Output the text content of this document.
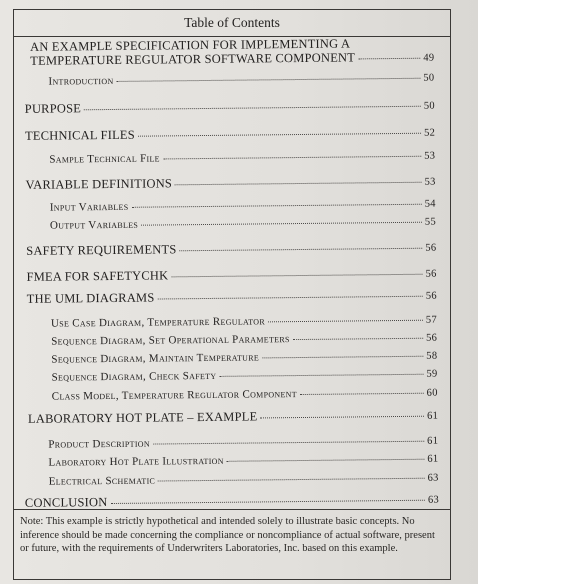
Table of Contents
AN EXAMPLE SPECIFICATION FOR IMPLEMENTING A
TEMPERATURE REGULATOR SOFTWARE COMPONENT	49
Introduction	50
PURPOSE	50
TECHNICAL FILES	52
Sample Technical File	53
VARIABLE DEFINITIONS	53
Input Variables	54
Output Variables	55
SAFETY REQUIREMENTS	56
FMEA FOR SAFETYCHK	56
THE UML DIAGRAMS	56
Use Case Diagram, Temperature Regulator	57
Sequence Diagram, Set Operational Parameters	56
Sequence Diagram, Maintain Temperature	58
Sequence Diagram, Check Safety	59
Class Model, Temperature Regulator Component	60
LABORATORY HOT PLATE – EXAMPLE	61
Product Description	61
Laboratory Hot Plate Illustration	61
Electrical Schematic	63
CONCLUSION	63
Note: This example is strictly hypothetical and intended solely to illustrate basic concepts. No inference should be made concerning the compliance or noncompliance of actual software, present or future, with the requirements of Underwriters Laboratories, Inc. based on this example.
